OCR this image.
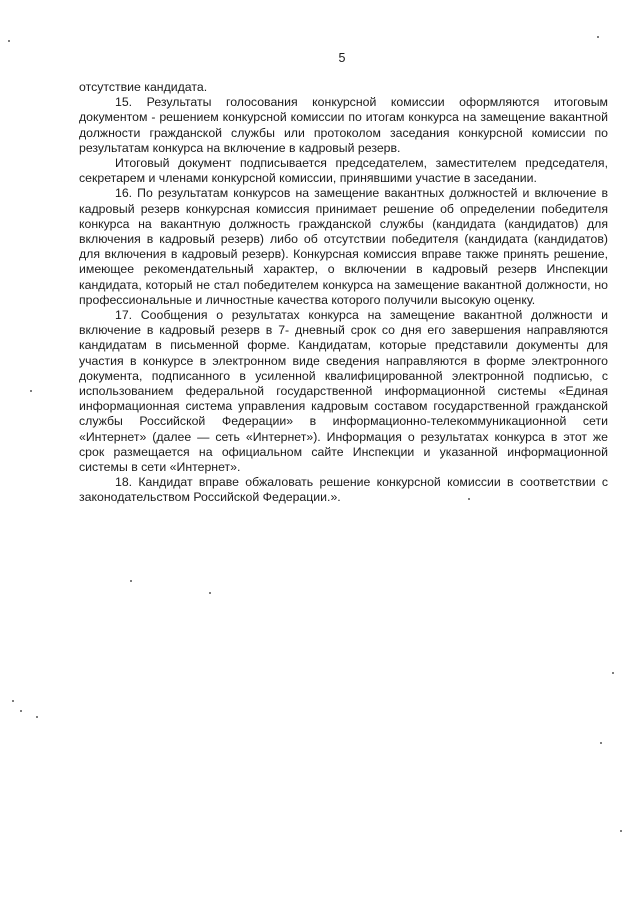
5

отсутствие кандидата.

15. Результаты голосования конкурсной комиссии оформляются итоговым документом - решением конкурсной комиссии по итогам конкурса на замещение вакантной должности гражданской службы или протоколом заседания конкурсной комиссии по результатам конкурса на включение в кадровый резерв.

Итоговый документ подписывается председателем, заместителем председателя, секретарем и членами конкурсной комиссии, принявшими участие в заседании.

16. По результатам конкурсов на замещение вакантных должностей и включение в кадровый резерв конкурсная комиссия принимает решение об определении победителя конкурса на вакантную должность гражданской службы (кандидата (кандидатов) для включения в кадровый резерв) либо об отсутствии победителя (кандидата (кандидатов) для включения в кадровый резерв). Конкурсная комиссия вправе также принять решение, имеющее рекомендательный характер, о включении в кадровый резерв Инспекции кандидата, который не стал победителем конкурса на замещение вакантной должности, но профессиональные и личностные качества которого получили высокую оценку.

17. Сообщения о результатах конкурса на замещение вакантной должности и включение в кадровый резерв в 7- дневный срок со дня его завершения направляются кандидатам в письменной форме. Кандидатам, которые представили документы для участия в конкурсе в электронном виде сведения направляются в форме электронного документа, подписанного в усиленной квалифицированной электронной подписью, с использованием федеральной государственной информационной системы «Единая информационная система управления кадровым составом государственной гражданской службы Российской Федерации» в информационно-телекоммуникационной сети «Интернет» (далее — сеть «Интернет»). Информация о результатах конкурса в этот же срок размещается на официальном сайте Инспекции и указанной информационной системы в сети «Интернет».

18. Кандидат вправе обжаловать решение конкурсной комиссии в соответствии с законодательством Российской Федерации.».
